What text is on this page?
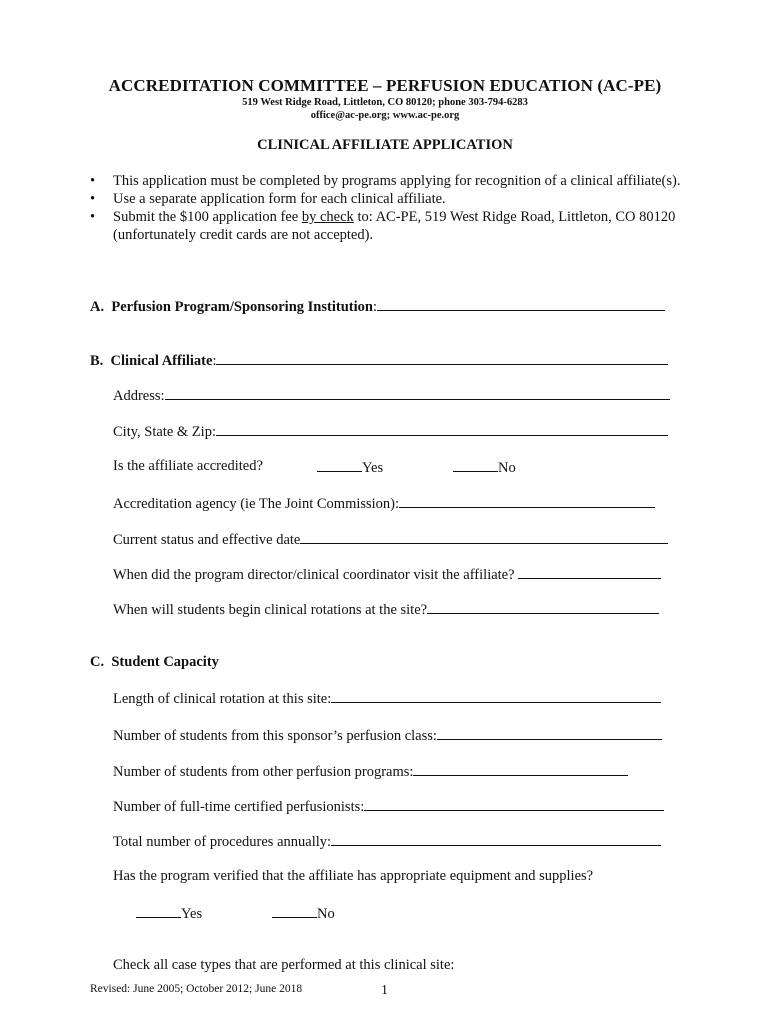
ACCREDITATION COMMITTEE – PERFUSION EDUCATION (AC-PE)
519 West Ridge Road, Littleton, CO 80120; phone 303-794-6283
office@ac-pe.org; www.ac-pe.org
CLINICAL AFFILIATE APPLICATION
• This application must be completed by programs applying for recognition of a clinical affiliate(s).
• Use a separate application form for each clinical affiliate.
• Submit the $100 application fee by check to: AC-PE, 519 West Ridge Road, Littleton, CO 80120 (unfortunately credit cards are not accepted).
A. Perfusion Program/Sponsoring Institution:
B. Clinical Affiliate:
Address:
City, State & Zip:
Is the affiliate accredited?	Yes	No
Accreditation agency (ie The Joint Commission):
Current status and effective date
When did the program director/clinical coordinator visit the affiliate?
When will students begin clinical rotations at the site?
C. Student Capacity
Length of clinical rotation at this site:
Number of students from this sponsor’s perfusion class:
Number of students from other perfusion programs:
Number of full-time certified perfusionists:
Total number of procedures annually:
Has the program verified that the affiliate has appropriate equipment and supplies?
Yes	No
Check all case types that are performed at this clinical site:
Revised: June 2005; October 2012; June 2018	1
